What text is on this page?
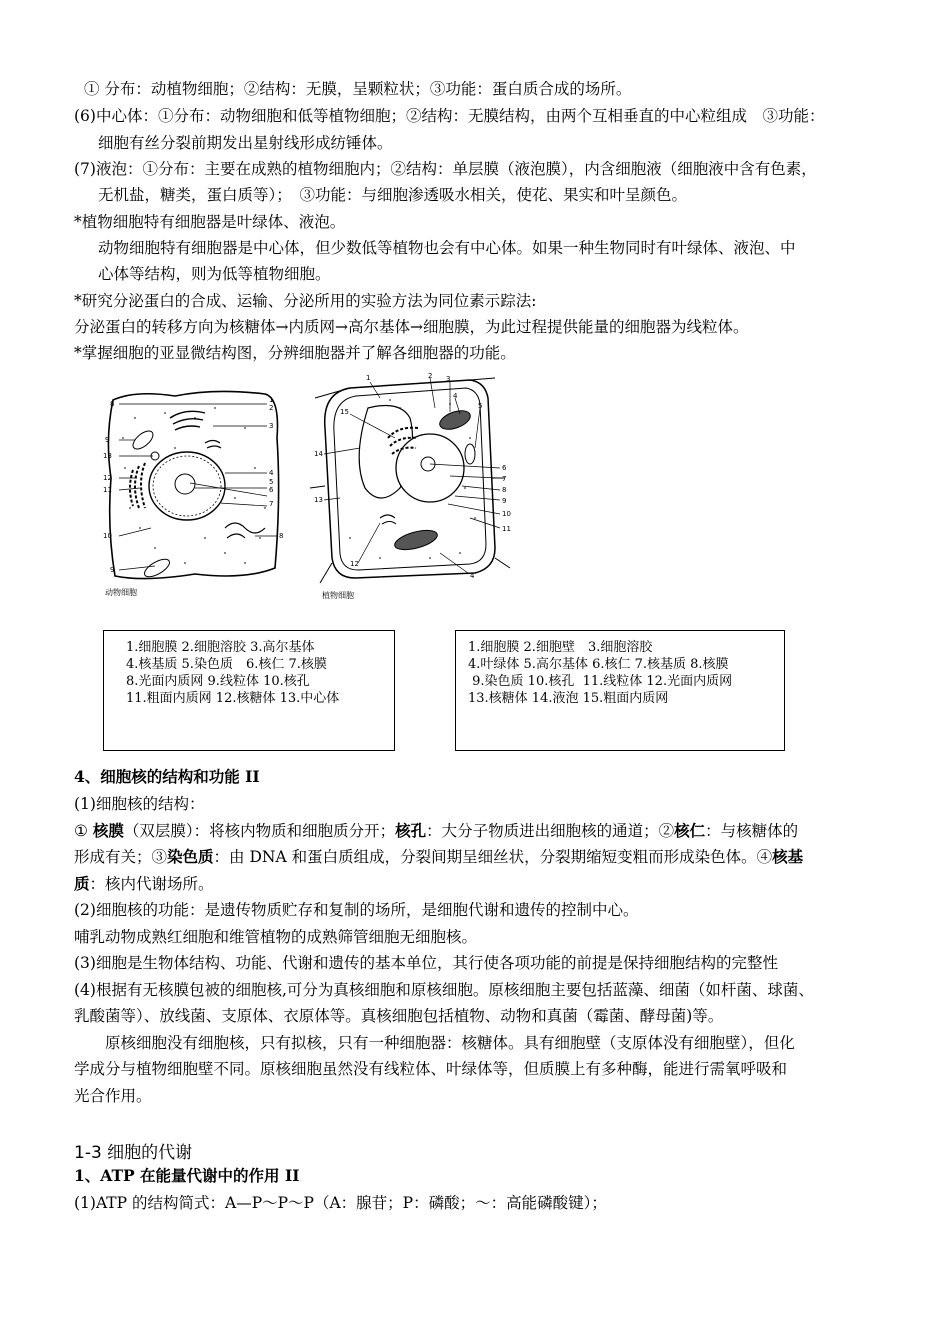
① 分布：动植物细胞；②结构：无膜，呈颗粒状；③功能：蛋白质合成的场所。
(6)中心体：①分布：动物细胞和低等植物细胞；②结构：无膜结构，由两个互相垂直的中心粒组成　③功能：
细胞有丝分裂前期发出星射线形成纺锤体。
(7)液泡：①分布：主要在成熟的植物细胞内；②结构：单层膜（液泡膜），内含细胞液（细胞液中含有色素，
无机盐，糖类，蛋白质等）；　③功能：与细胞渗透吸水相关，使花、果实和叶呈颜色。
*植物细胞特有细胞器是叶绿体、液泡。
动物细胞特有细胞器是中心体，但少数低等植物也会有中心体。如果一种生物同时有叶绿体、液泡、中
心体等结构，则为低等植物细胞。
*研究分泌蛋白的合成、运输、分泌所用的实验方法为同位素示踪法:
分泌蛋白的转移方向为核糖体→内质网→高尔基体→细胞膜，为此过程提供能量的细胞器为线粒体。
*掌握细胞的亚显微结构图，分辨细胞器并了解各细胞器的功能。
1
2
3
4
5
6
7
8
8
9
9
10
11
12
13
动物细胞
1	2 3
4
4
5
6
7
8
9
10
11
12
13
14
15
植物细胞
1.细胞膜 2.细胞溶胶 3.高尔基体
4.核基质 5.染色质　6.核仁 7.核膜
8.光面内质网 9.线粒体 10.核孔
11.粗面内质网 12.核糖体 13.中心体
1.细胞膜 2.细胞壁　3.细胞溶胶
4.叶绿体 5.高尔基体 6.核仁 7.核基质 8.核膜
9.染色质 10.核孔  11.线粒体 12.光面内质网
13.核糖体 14.液泡 15.粗面内质网
4、细胞核的结构和功能 II
(1)细胞核的结构：
① 核膜（双层膜）：将核内物质和细胞质分开；核孔：大分子物质进出细胞核的通道；②核仁：与核糖体的
形成有关；③染色质：由 DNA 和蛋白质组成，分裂间期呈细丝状，分裂期缩短变粗而形成染色体。④核基
质：核内代谢场所。
(2)细胞核的功能：是遗传物质贮存和复制的场所，是细胞代谢和遗传的控制中心。
哺乳动物成熟红细胞和维管植物的成熟筛管细胞无细胞核。
(3)细胞是生物体结构、功能、代谢和遗传的基本单位，其行使各项功能的前提是保持细胞结构的完整性
(4)根据有无核膜包被的细胞核,可分为真核细胞和原核细胞。原核细胞主要包括蓝藻、细菌（如杆菌、球菌、
乳酸菌等）、放线菌、支原体、衣原体等。真核细胞包括植物、动物和真菌（霉菌、酵母菌)等。
原核细胞没有细胞核，只有拟核，只有一种细胞器：核糖体。具有细胞壁（支原体没有细胞壁），但化
学成分与植物细胞壁不同。原核细胞虽然没有线粒体、叶绿体等，但质膜上有多种酶，能进行需氧呼吸和
光合作用。
1-3 细胞的代谢
1、ATP 在能量代谢中的作用 II
(1)ATP 的结构简式：A—P～P～P（A：腺苷；P：磷酸；～：高能磷酸键）；
